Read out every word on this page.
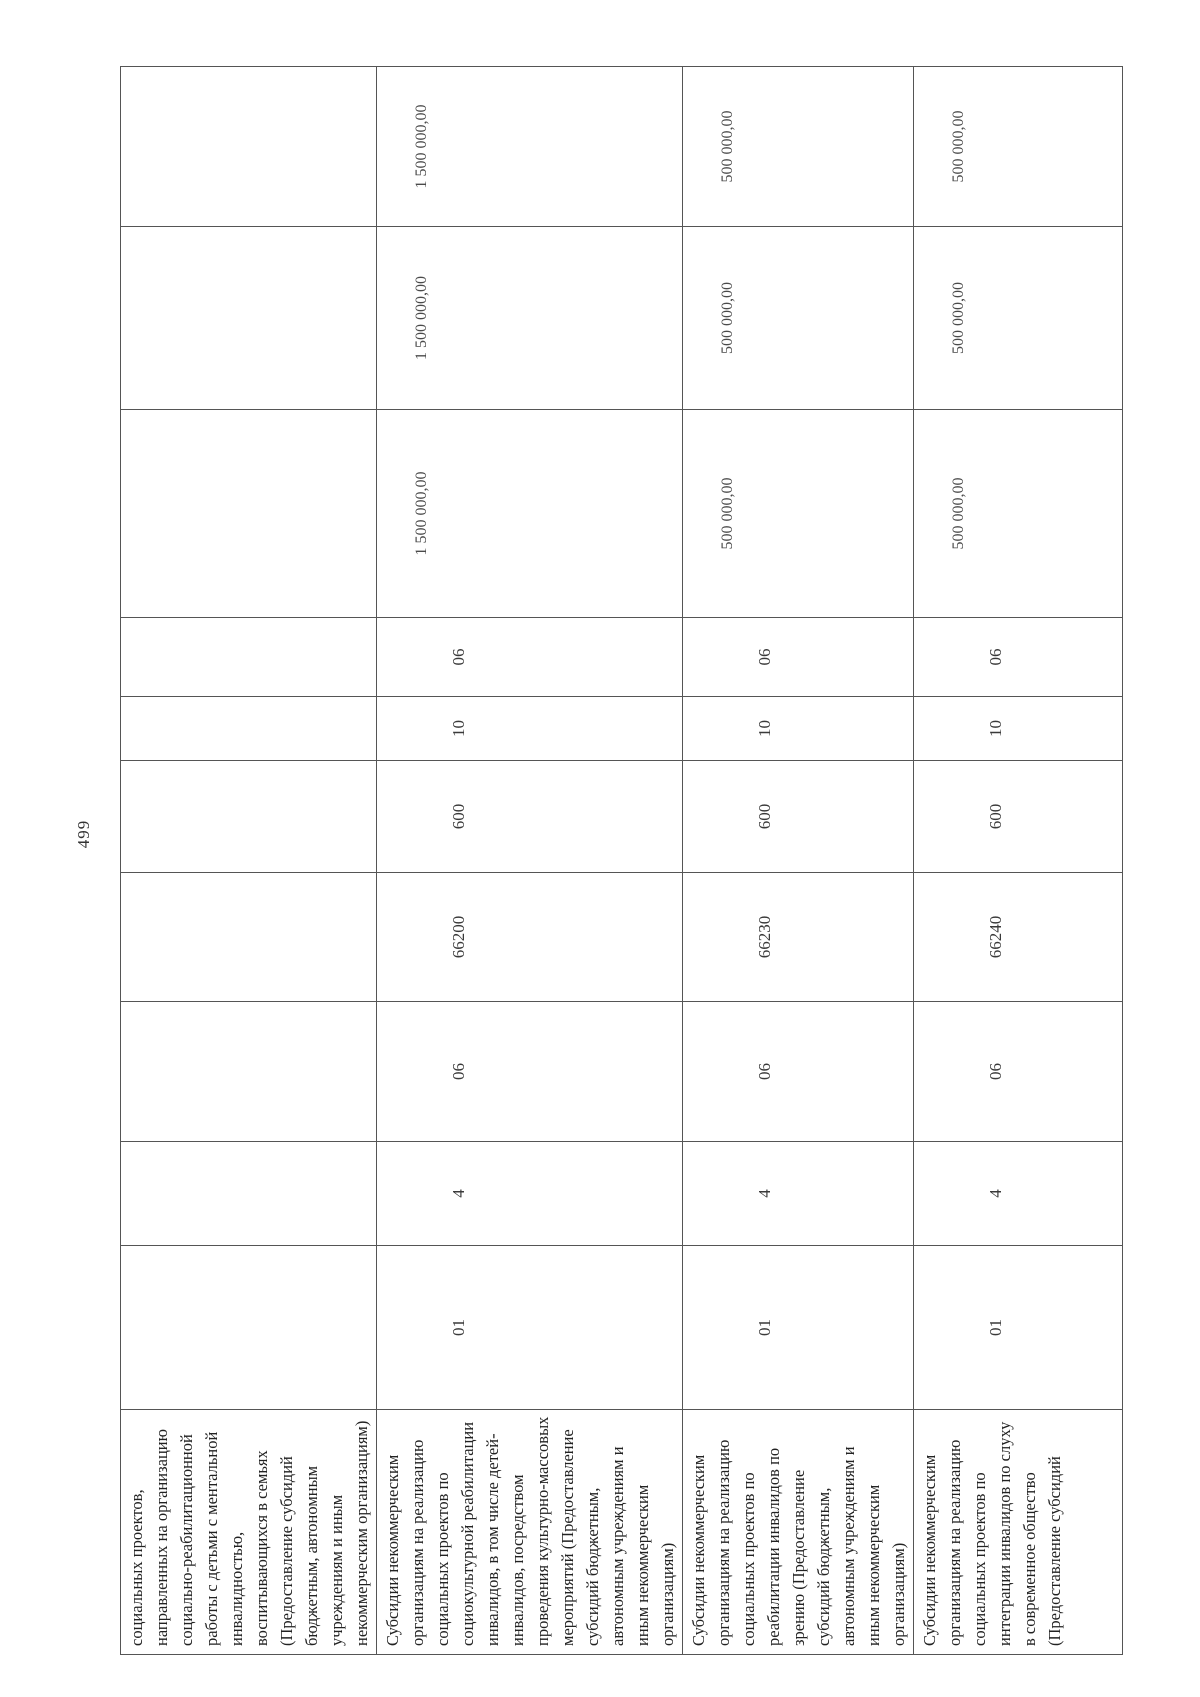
499
социальных проектов, направленных на организацию социально-реабилитационной работы с детьми с ментальной инвалидностью, воспитывающихся в семьях (Предоставление субсидий бюджетным, автономным учреждениям и иным некоммерческим организациям)										
Субсидии некоммерческим организациям на реализацию социальных проектов по социокультурной реабилитации инвалидов, в том числе детей-инвалидов, посредством проведения культурно-массовых мероприятий (Предоставление субсидий бюджетным, автономным учреждениям и иным некоммерческим организациям)	01	4	06	66200	600	10	06	1 500 000,00	1 500 000,00	1 500 000,00
Субсидии некоммерческим организациям на реализацию социальных проектов по реабилитации инвалидов по зрению (Предоставление субсидий бюджетным, автономным учреждениям и иным некоммерческим организациям)	01	4	06	66230	600	10	06	500 000,00	500 000,00	500 000,00
Субсидии некоммерческим организациям на реализацию социальных проектов по интеграции инвалидов по слуху в современное общество (Предоставление субсидий	01	4	06	66240	600	10	06	500 000,00	500 000,00	500 000,00
